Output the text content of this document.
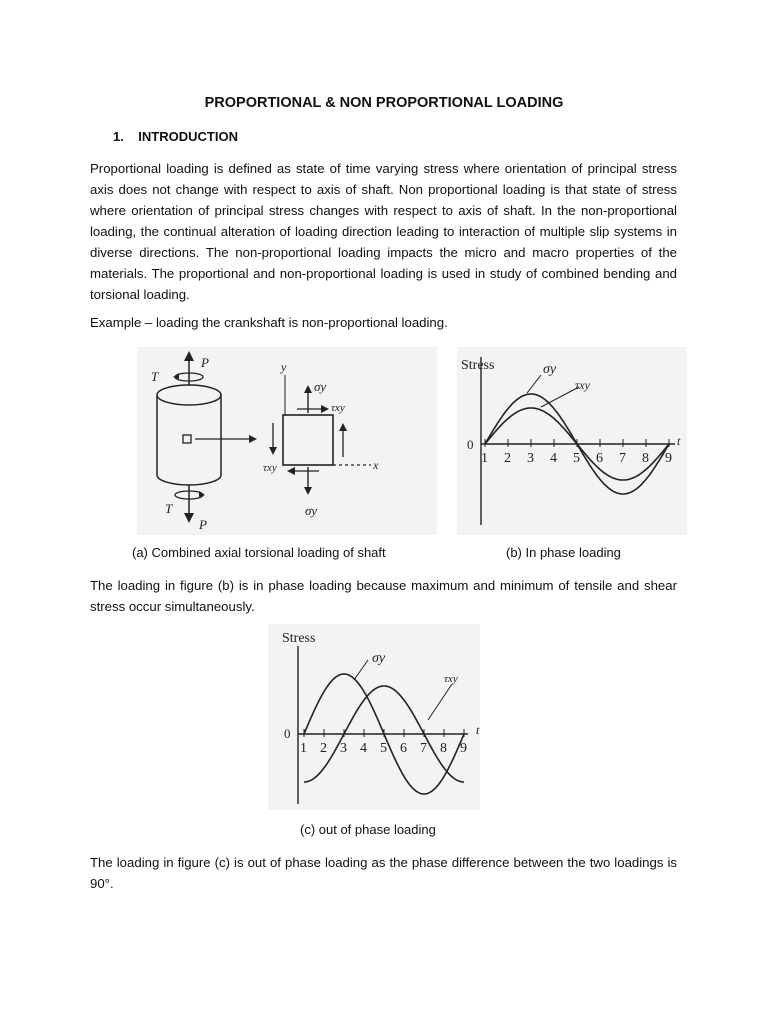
PROPORTIONAL & NON PROPORTIONAL LOADING
1. INTRODUCTION

Proportional loading is defined as state of time varying stress where orientation of principal stress axis does not change with respect to axis of shaft. Non proportional loading is that state of stress where orientation of principal stress changes with respect to axis of shaft. In the non-proportional loading, the continual alteration of loading direction leading to interaction of multiple slip systems in diverse directions. The non-proportional loading impacts the micro and macro properties of the materials. The proportional and non-proportional loading is used in study of combined bending and torsional loading.

Example – loading the crankshaft is non-proportional loading.

P
T
P
T
y
x
σy
σy
τxy
τxy
Stress
0	t
1 2 3 4 5 6 7 8 9
σy
τxy
(a) Combined axial torsional loading of shaft	(b) In phase loading

The loading in figure (b) is in phase loading because maximum and minimum of tensile and shear stress occur simultaneously.

Stress
0	t
1 2 3 4 5 6 7 8 9
σy
τxy
(c) out of phase loading

The loading in figure (c) is out of phase loading as the phase difference between the two loadings is 90°.
